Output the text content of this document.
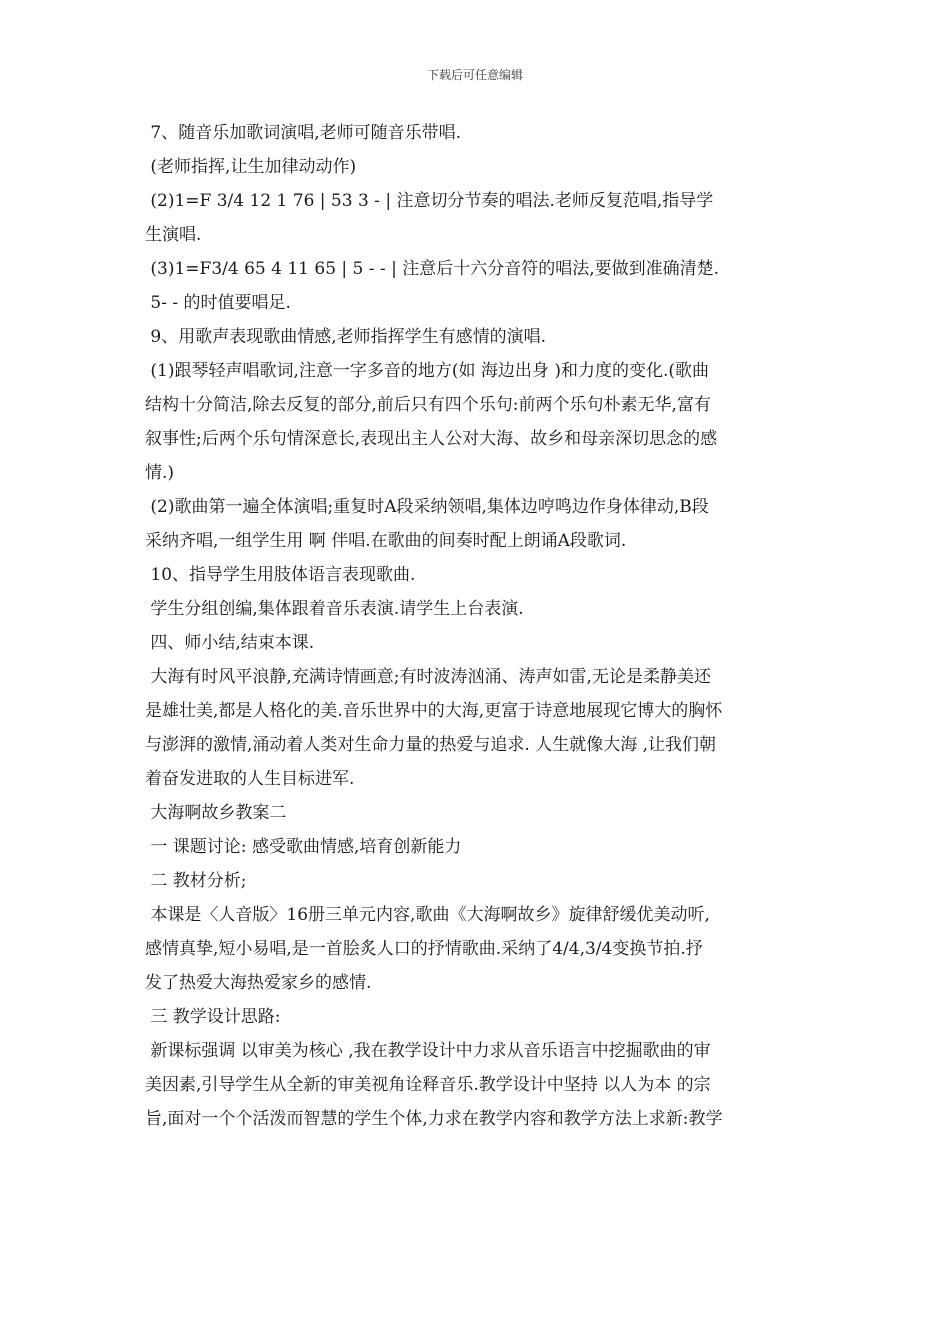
下载后可任意编辑
7、随音乐加歌词演唱,老师可随音乐带唱.
(老师指挥,让生加律动动作)
(2)1=F 3/4 12 1 76 | 53 3 - | 注意切分节奏的唱法.老师反复范唱,指导学
生演唱.
(3)1=F3/4 65 4 11 65 | 5 - - | 注意后十六分音符的唱法,要做到准确清楚.
5- - 的时值要唱足.
9、用歌声表现歌曲情感,老师指挥学生有感情的演唱.
(1)跟琴轻声唱歌词,注意一字多音的地方(如 海边出身 )和力度的变化.(歌曲
结构十分简洁,除去反复的部分,前后只有四个乐句:前两个乐句朴素无华,富有
叙事性;后两个乐句情深意长,表现出主人公对大海、故乡和母亲深切思念的感
情.)
(2)歌曲第一遍全体演唱;重复时A段采纳领唱,集体边哼鸣边作身体律动,B段
采纳齐唱,一组学生用 啊 伴唱.在歌曲的间奏时配上朗诵A段歌词.
10、指导学生用肢体语言表现歌曲.
学生分组创编,集体跟着音乐表演.请学生上台表演.
四、师小结,结束本课.
大海有时风平浪静,充满诗情画意;有时波涛汹涌、涛声如雷,无论是柔静美还
是雄壮美,都是人格化的美.音乐世界中的大海,更富于诗意地展现它博大的胸怀
与澎湃的激情,涌动着人类对生命力量的热爱与追求. 人生就像大海 ,让我们朝
着奋发进取的人生目标进军.
大海啊故乡教案二
一 课题讨论: 感受歌曲情感,培育创新能力
二 教材分析;
本课是〈人音版〉16册三单元内容,歌曲《大海啊故乡》旋律舒缓优美动听,
感情真挚,短小易唱,是一首脍炙人口的抒情歌曲.采纳了4/4,3/4变换节拍.抒
发了热爱大海热爱家乡的感情.
三 教学设计思路:
新课标强调 以审美为核心 ,我在教学设计中力求从音乐语言中挖掘歌曲的审
美因素,引导学生从全新的审美视角诠释音乐.教学设计中坚持 以人为本 的宗
旨,面对一个个活泼而智慧的学生个体,力求在教学内容和教学方法上求新:教学
